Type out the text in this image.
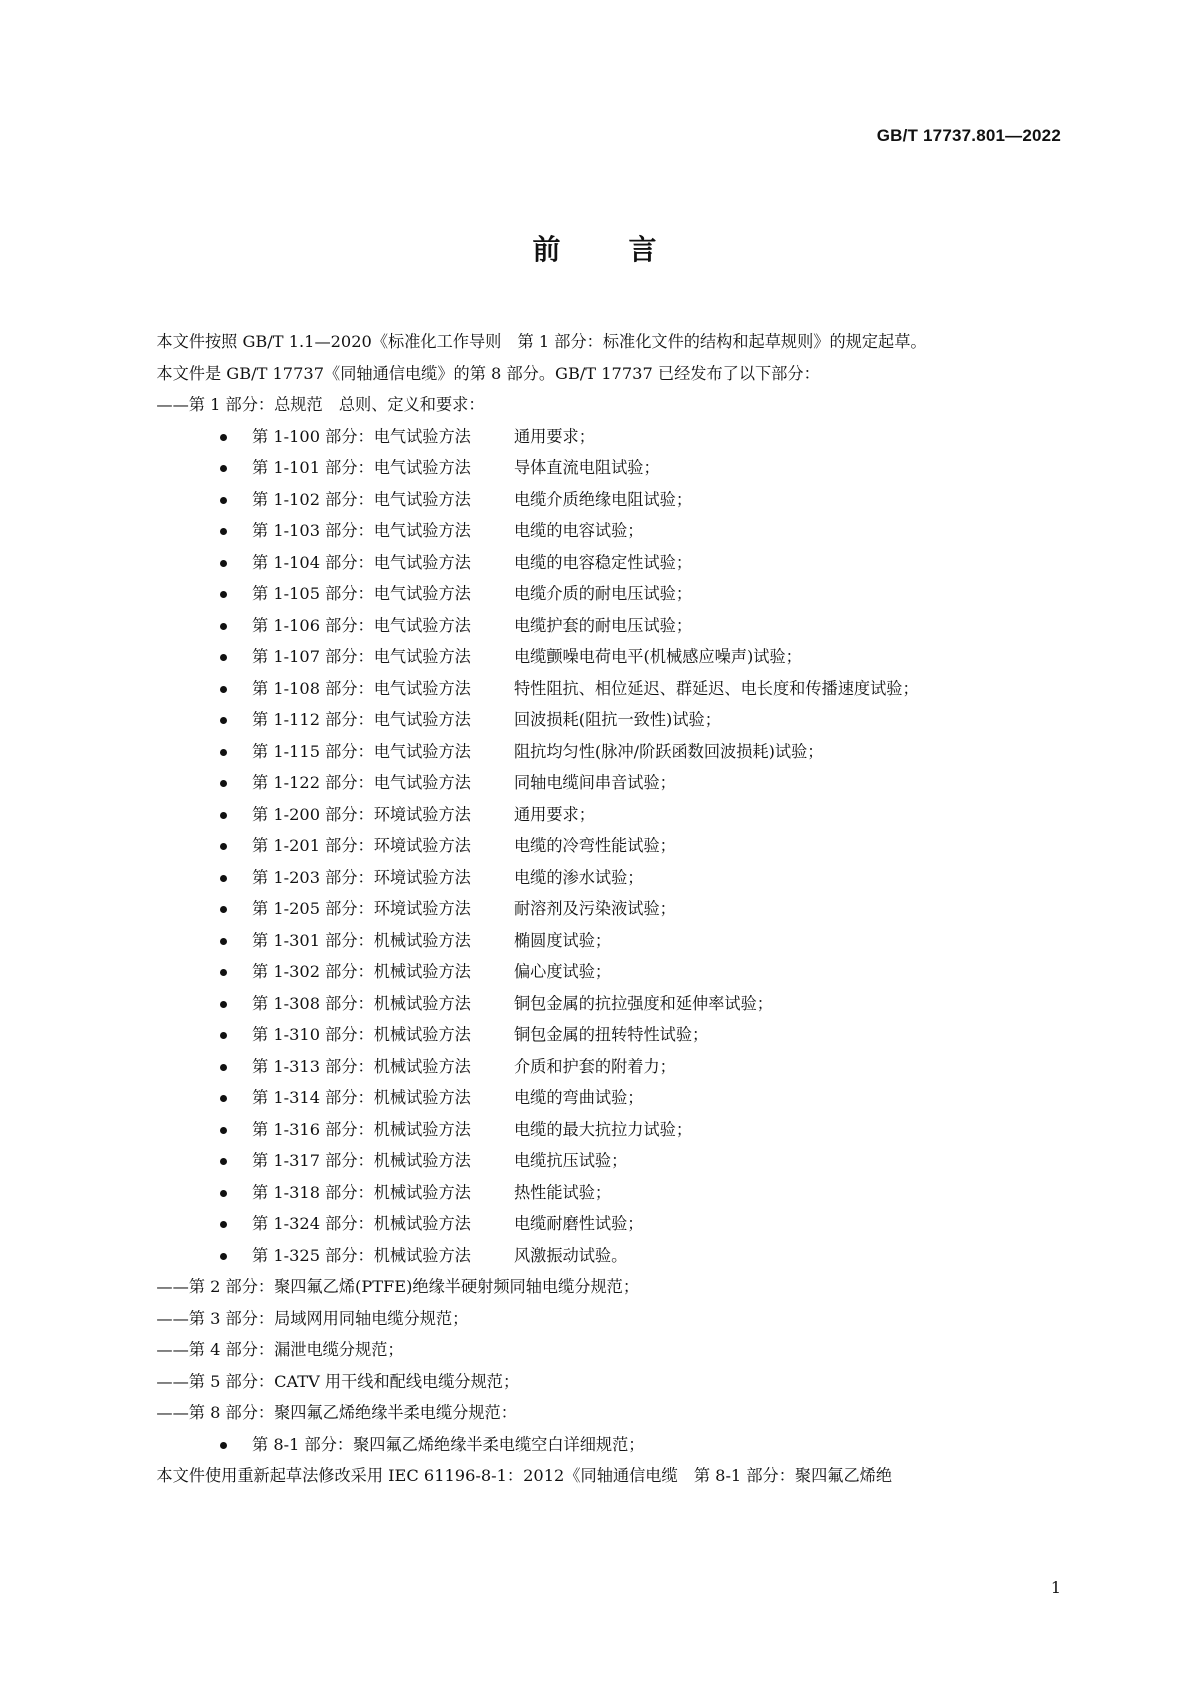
GB/T 17737.801—2022
前 言

本文件按照 GB/T 1.1—2020《标准化工作导则　第 1 部分：标准化文件的结构和起草规则》的规定起草。

本文件是 GB/T 17737《同轴通信电缆》的第 8 部分。GB/T 17737 已经发布了以下部分：

——第 1 部分：总规范　总则、定义和要求：
第 1-100 部分：电气试验方法	通用要求；
第 1-101 部分：电气试验方法	导体直流电阻试验；
第 1-102 部分：电气试验方法	电缆介质绝缘电阻试验；
第 1-103 部分：电气试验方法	电缆的电容试验；
第 1-104 部分：电气试验方法	电缆的电容稳定性试验；
第 1-105 部分：电气试验方法	电缆介质的耐电压试验；
第 1-106 部分：电气试验方法	电缆护套的耐电压试验；
第 1-107 部分：电气试验方法	电缆颤噪电荷电平(机械感应噪声)试验；
第 1-108 部分：电气试验方法	特性阻抗、相位延迟、群延迟、电长度和传播速度试验；
第 1-112 部分：电气试验方法	回波损耗(阻抗一致性)试验；
第 1-115 部分：电气试验方法	阻抗均匀性(脉冲/阶跃函数回波损耗)试验；
第 1-122 部分：电气试验方法	同轴电缆间串音试验；
第 1-200 部分：环境试验方法	通用要求；
第 1-201 部分：环境试验方法	电缆的冷弯性能试验；
第 1-203 部分：环境试验方法	电缆的渗水试验；
第 1-205 部分：环境试验方法	耐溶剂及污染液试验；
第 1-301 部分：机械试验方法	椭圆度试验；
第 1-302 部分：机械试验方法	偏心度试验；
第 1-308 部分：机械试验方法	铜包金属的抗拉强度和延伸率试验；
第 1-310 部分：机械试验方法	铜包金属的扭转特性试验；
第 1-313 部分：机械试验方法	介质和护套的附着力；
第 1-314 部分：机械试验方法	电缆的弯曲试验；
第 1-316 部分：机械试验方法	电缆的最大抗拉力试验；
第 1-317 部分：机械试验方法	电缆抗压试验；
第 1-318 部分：机械试验方法	热性能试验；
第 1-324 部分：机械试验方法	电缆耐磨性试验；
第 1-325 部分：机械试验方法	风激振动试验。
——第 2 部分：聚四氟乙烯(PTFE)绝缘半硬射频同轴电缆分规范；
——第 3 部分：局域网用同轴电缆分规范；
——第 4 部分：漏泄电缆分规范；
——第 5 部分：CATV 用干线和配线电缆分规范；
——第 8 部分：聚四氟乙烯绝缘半柔电缆分规范：
第 8-1 部分：聚四氟乙烯绝缘半柔电缆空白详细规范；

本文件使用重新起草法修改采用 IEC 61196-8-1：2012《同轴通信电缆　第 8-1 部分：聚四氟乙烯绝

1
